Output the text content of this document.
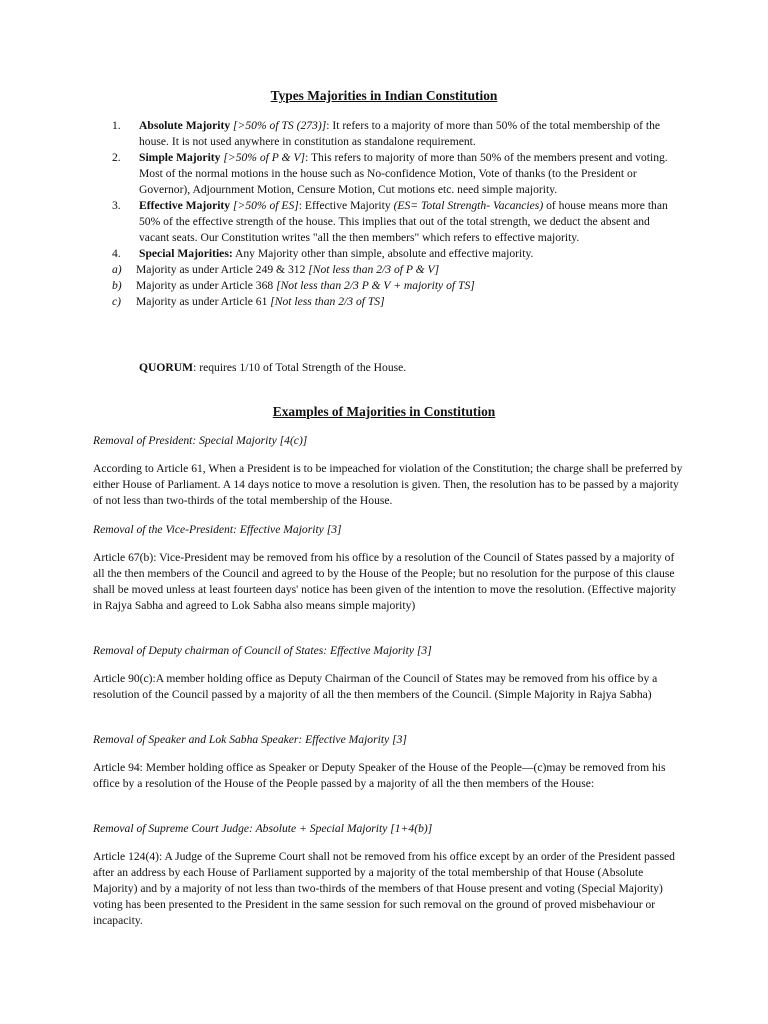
Types Majorities in Indian Constitution

1. Absolute Majority [>50% of TS (273)]: It refers to a majority of more than 50% of the total membership of the house. It is not used anywhere in constitution as standalone requirement.

2. Simple Majority [>50% of P & V]: This refers to majority of more than 50% of the members present and voting. Most of the normal motions in the house such as No-confidence Motion, Vote of thanks (to the President or Governor), Adjournment Motion, Censure Motion, Cut motions etc. need simple majority.

3. Effective Majority [>50% of ES]: Effective Majority (ES= Total Strength- Vacancies) of house means more than 50% of the effective strength of the house. This implies that out of the total strength, we deduct the absent and vacant seats. Our Constitution writes "all the then members" which refers to effective majority.

4. Special Majorities: Any Majority other than simple, absolute and effective majority.

a) Majority as under Article 249 & 312 [Not less than 2/3 of P & V]

b) Majority as under Article 368 [Not less than 2/3 P & V + majority of TS]

c) Majority as under Article 61 [Not less than 2/3 of TS]

QUORUM: requires 1/10 of Total Strength of the House.
Examples of Majorities in Constitution
Removal of President: Special Majority [4(c)]
According to Article 61, When a President is to be impeached for violation of the Constitution; the charge shall be preferred by either House of Parliament. A 14 days notice to move a resolution is given. Then, the resolution has to be passed by a majority of not less than two-thirds of the total membership of the House.
Removal of the Vice-President: Effective Majority [3]
Article 67(b): Vice-President may be removed from his office by a resolution of the Council of States passed by a majority of all the then members of the Council and agreed to by the House of the People; but no resolution for the purpose of this clause shall be moved unless at least fourteen days' notice has been given of the intention to move the resolution. (Effective majority in Rajya Sabha and agreed to Lok Sabha also means simple majority)
Removal of Deputy chairman of Council of States: Effective Majority [3]
Article 90(c):A member holding office as Deputy Chairman of the Council of States may be removed from his office by a resolution of the Council passed by a majority of all the then members of the Council. (Simple Majority in Rajya Sabha)
Removal of Speaker and Lok Sabha Speaker: Effective Majority [3]
Article 94: Member holding office as Speaker or Deputy Speaker of the House of the People—(c)may be removed from his office by a resolution of the House of the People passed by a majority of all the then members of the House:
Removal of Supreme Court Judge: Absolute + Special Majority [1+4(b)]
Article 124(4): A Judge of the Supreme Court shall not be removed from his office except by an order of the President passed after an address by each House of Parliament supported by a majority of the total membership of that House (Absolute Majority) and by a majority of not less than two-thirds of the members of that House present and voting (Special Majority) voting has been presented to the President in the same session for such removal on the ground of proved misbehaviour or incapacity.
